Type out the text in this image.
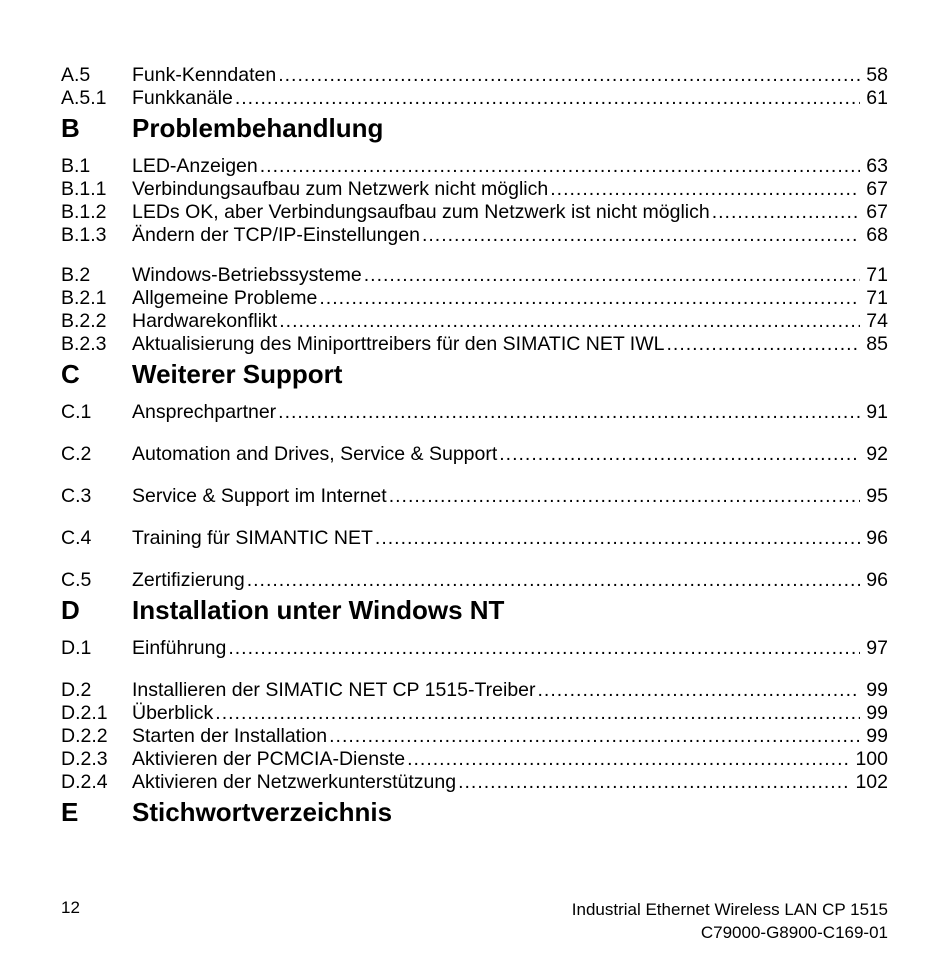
A.5	Funk-Kenndaten .....	58
A.5.1	Funkkanäle .....	61
B	Problembehandlung
B.1	LED-Anzeigen .....	63
B.1.1	Verbindungsaufbau zum Netzwerk nicht möglich .....	67
B.1.2	LEDs OK, aber Verbindungsaufbau zum Netzwerk ist nicht möglich .....	67
B.1.3	Ändern der TCP/IP-Einstellungen .....	68
B.2	Windows-Betriebssysteme .....	71
B.2.1	Allgemeine Probleme .....	71
B.2.2	Hardwarekonflikt .....	74
B.2.3	Aktualisierung des Miniporttreibers für den SIMATIC NET IWL .....	85
C	Weiterer Support
C.1	Ansprechpartner .....	91
C.2	Automation and Drives, Service & Support .....	92
C.3	Service & Support im Internet .....	95
C.4	Training für SIMANTIC NET .....	96
C.5	Zertifizierung .....	96
D	Installation unter Windows NT
D.1	Einführung .....	97
D.2	Installieren der SIMATIC NET CP 1515-Treiber .....	99
D.2.1	Überblick .....	99
D.2.2	Starten der Installation .....	99
D.2.3	Aktivieren der PCMCIA-Dienste .....	100
D.2.4	Aktivieren der Netzwerkunterstützung .....	102
E	Stichwortverzeichnis
12	Industrial Ethernet Wireless LAN CP 1515
C79000-G8900-C169-01
